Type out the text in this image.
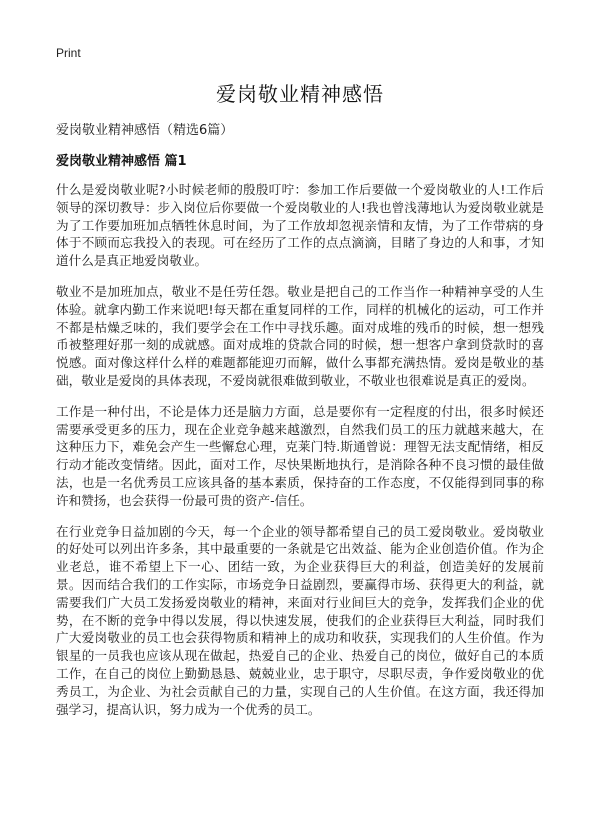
Print
爱岗敬业精神感悟

爱岗敬业精神感悟（精选6篇）

爱岗敬业精神感悟 篇1

什么是爱岗敬业呢?小时候老师的殷殷叮咛：参加工作后要做一个爱岗敬业的人!工作后领导的深切教导：步入岗位后你要做一个爱岗敬业的人!我也曾浅薄地认为爱岗敬业就是为了工作要加班加点牺牲休息时间，为了工作放却忽视亲情和友情，为了工作带病的身体于不顾而忘我投入的表现。可在经历了工作的点点滴滴，目睹了身边的人和事，才知道什么是真正地爱岗敬业。

敬业不是加班加点，敬业不是任劳任怨。敬业是把自己的工作当作一种精神享受的人生体验。就拿内勤工作来说吧!每天都在重复同样的工作，同样的机械化的运动，可工作并不都是枯燥乏味的，我们要学会在工作中寻找乐趣。面对成堆的残币的时候，想一想残币被整理好那一刻的成就感。面对成堆的贷款合同的时候，想一想客户拿到贷款时的喜悦感。面对像这样什么样的难题都能迎刃而解，做什么事都充满热情。爱岗是敬业的基础，敬业是爱岗的具体表现，不爱岗就很难做到敬业，不敬业也很难说是真正的爱岗。

工作是一种付出，不论是体力还是脑力方面，总是要你有一定程度的付出，很多时候还需要承受更多的压力，现在企业竞争越来越激烈，自然我们员工的压力就越来越大，在这种压力下，难免会产生一些懈怠心理，克莱门特.斯通曾说：理智无法支配情绪，相反行动才能改变情绪。因此，面对工作，尽快果断地执行，是消除各种不良习惯的最佳做法，也是一名优秀员工应该具备的基本素质，保持奋的工作态度，不仅能得到同事的称许和赞扬，也会获得一份最可贵的资产-信任。

在行业竞争日益加剧的今天，每一个企业的领导都希望自己的员工爱岗敬业。爱岗敬业的好处可以列出许多条，其中最重要的一条就是它出效益、能为企业创造价值。作为企业老总，谁不希望上下一心、团结一致，为企业获得巨大的利益，创造美好的发展前景。因而结合我们的工作实际，市场竞争日益剧烈，要赢得市场、获得更大的利益，就需要我们广大员工发扬爱岗敬业的精神，来面对行业间巨大的竞争，发挥我们企业的优势，在不断的竞争中得以发展，得以快速发展，使我们的企业获得巨大利益，同时我们广大爱岗敬业的员工也会获得物质和精神上的成功和收获，实现我们的人生价值。作为银星的一员我也应该从现在做起，热爱自己的企业、热爱自己的岗位，做好自己的本质工作，在自己的岗位上勤勤恳恳、兢兢业业，忠于职守，尽职尽责，争作爱岗敬业的优秀员工，为企业、为社会贡献自己的力量，实现自己的人生价值。在这方面，我还得加强学习，提高认识，努力成为一个优秀的员工。
